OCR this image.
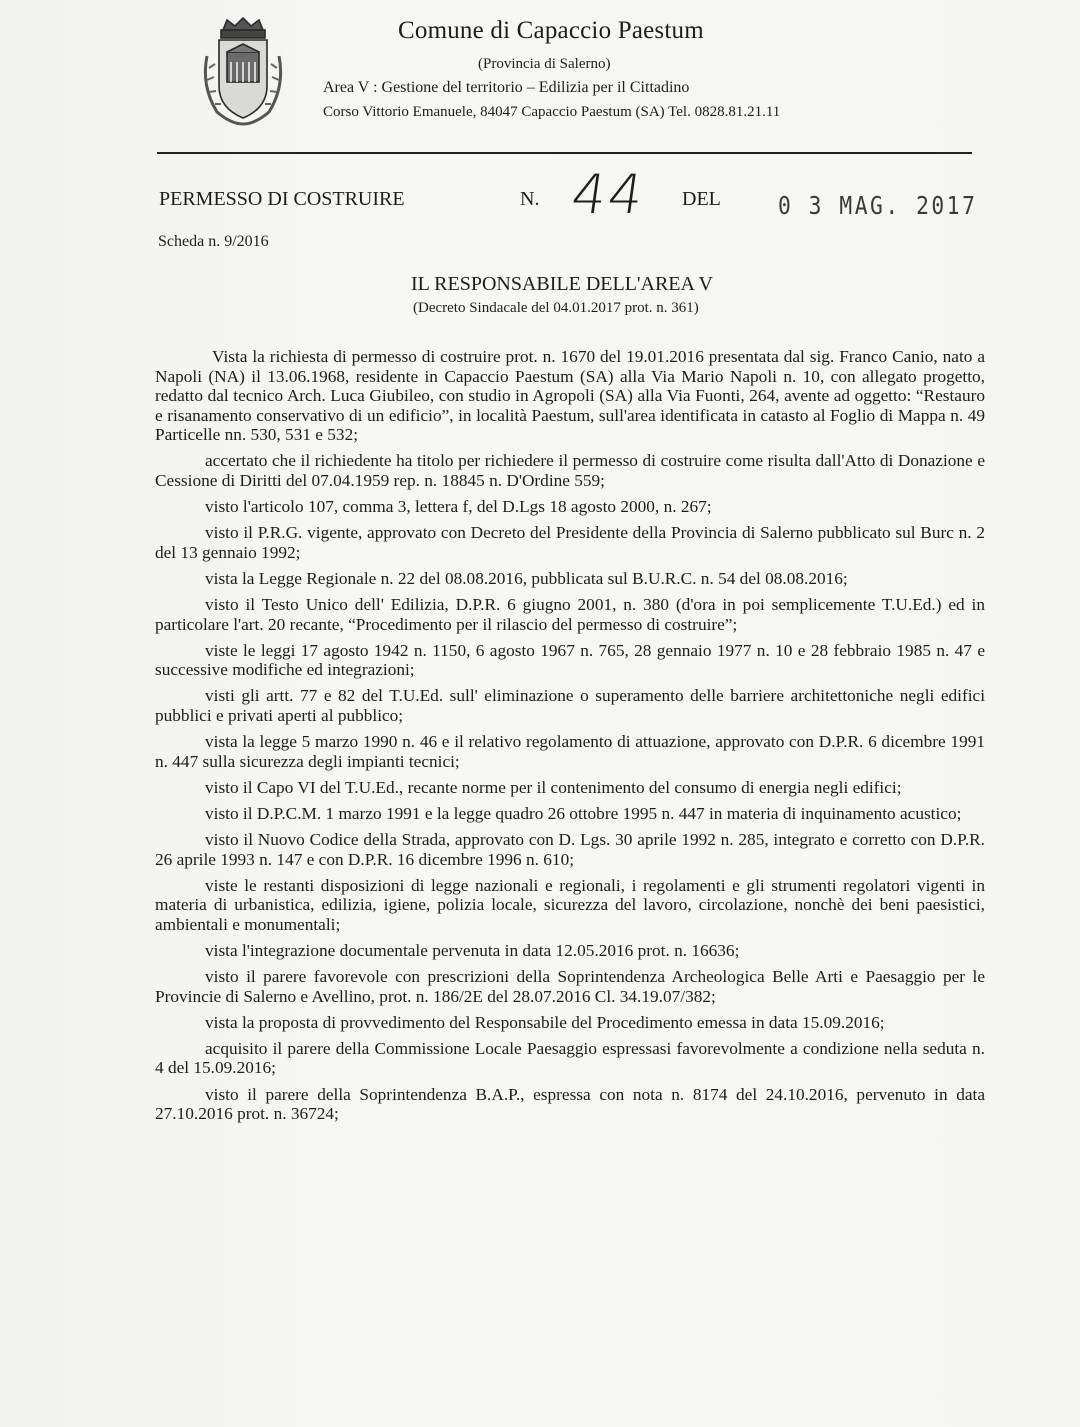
Comune di Capaccio Paestum
(Provincia di Salerno)
Area V : Gestione del territorio – Edilizia per il Cittadino
Corso Vittorio Emanuele, 84047 Capaccio Paestum (SA) Tel. 0828.81.21.11
PERMESSO DI COSTRUIRE	N. 44 DEL 0 3 MAG. 2017
Scheda n. 9/2016
IL RESPONSABILE DELL'AREA V
(Decreto Sindacale del 04.01.2017 prot. n. 361)

Vista la richiesta di permesso di costruire prot. n. 1670 del 19.01.2016 presentata dal sig. Franco Canio, nato a Napoli (NA) il 13.06.1968, residente in Capaccio Paestum (SA) alla Via Mario Napoli n. 10, con allegato progetto, redatto dal tecnico Arch. Luca Giubileo, con studio in Agropoli (SA) alla Via Fuonti, 264, avente ad oggetto: “Restauro e risanamento conservativo di un edificio”, in località Paestum, sull'area identificata in catasto al Foglio di Mappa n. 49 Particelle nn. 530, 531 e 532;

accertato che il richiedente ha titolo per richiedere il permesso di costruire come risulta dall'Atto di Donazione e Cessione di Diritti del 07.04.1959 rep. n. 18845 n. D'Ordine 559;

visto l'articolo 107, comma 3, lettera f, del D.Lgs 18 agosto 2000, n. 267;

visto il P.R.G. vigente, approvato con Decreto del Presidente della Provincia di Salerno pubblicato sul Burc n. 2 del 13 gennaio 1992;

vista la Legge Regionale n. 22 del 08.08.2016, pubblicata sul B.U.R.C. n. 54 del 08.08.2016;

visto il Testo Unico dell' Edilizia, D.P.R. 6 giugno 2001, n. 380 (d'ora in poi semplicemente T.U.Ed.) ed in particolare l'art. 20 recante, “Procedimento per il rilascio del permesso di costruire”;

viste le leggi 17 agosto 1942 n. 1150, 6 agosto 1967 n. 765, 28 gennaio 1977 n. 10 e 28 febbraio 1985 n. 47 e successive modifiche ed integrazioni;

visti gli artt. 77 e 82 del T.U.Ed. sull' eliminazione o superamento delle barriere architettoniche negli edifici pubblici e privati aperti al pubblico;

vista la legge 5 marzo 1990 n. 46 e il relativo regolamento di attuazione, approvato con D.P.R. 6 dicembre 1991 n. 447 sulla sicurezza degli impianti tecnici;

visto il Capo VI del T.U.Ed., recante norme per il contenimento del consumo di energia negli edifici;

visto il D.P.C.M. 1 marzo 1991 e la legge quadro 26 ottobre 1995 n. 447 in materia di inquinamento acustico;

visto il Nuovo Codice della Strada, approvato con D. Lgs. 30 aprile 1992 n. 285, integrato e corretto con D.P.R. 26 aprile 1993 n. 147 e con D.P.R. 16 dicembre 1996 n. 610;

viste le restanti disposizioni di legge nazionali e regionali, i regolamenti e gli strumenti regolatori vigenti in materia di urbanistica, edilizia, igiene, polizia locale, sicurezza del lavoro, circolazione, nonchè dei beni paesistici, ambientali e monumentali;

vista l'integrazione documentale pervenuta in data 12.05.2016 prot. n. 16636;

visto il parere favorevole con prescrizioni della Soprintendenza Archeologica Belle Arti e Paesaggio per le Provincie di Salerno e Avellino, prot. n. 186/2E del 28.07.2016 Cl. 34.19.07/382;

vista la proposta di provvedimento del Responsabile del Procedimento emessa in data 15.09.2016;

acquisito il parere della Commissione Locale Paesaggio espressasi favorevolmente a condizione nella seduta n. 4 del 15.09.2016;

visto il parere della Soprintendenza B.A.P., espressa con nota n. 8174 del 24.10.2016, pervenuto in data 27.10.2016 prot. n. 36724;
